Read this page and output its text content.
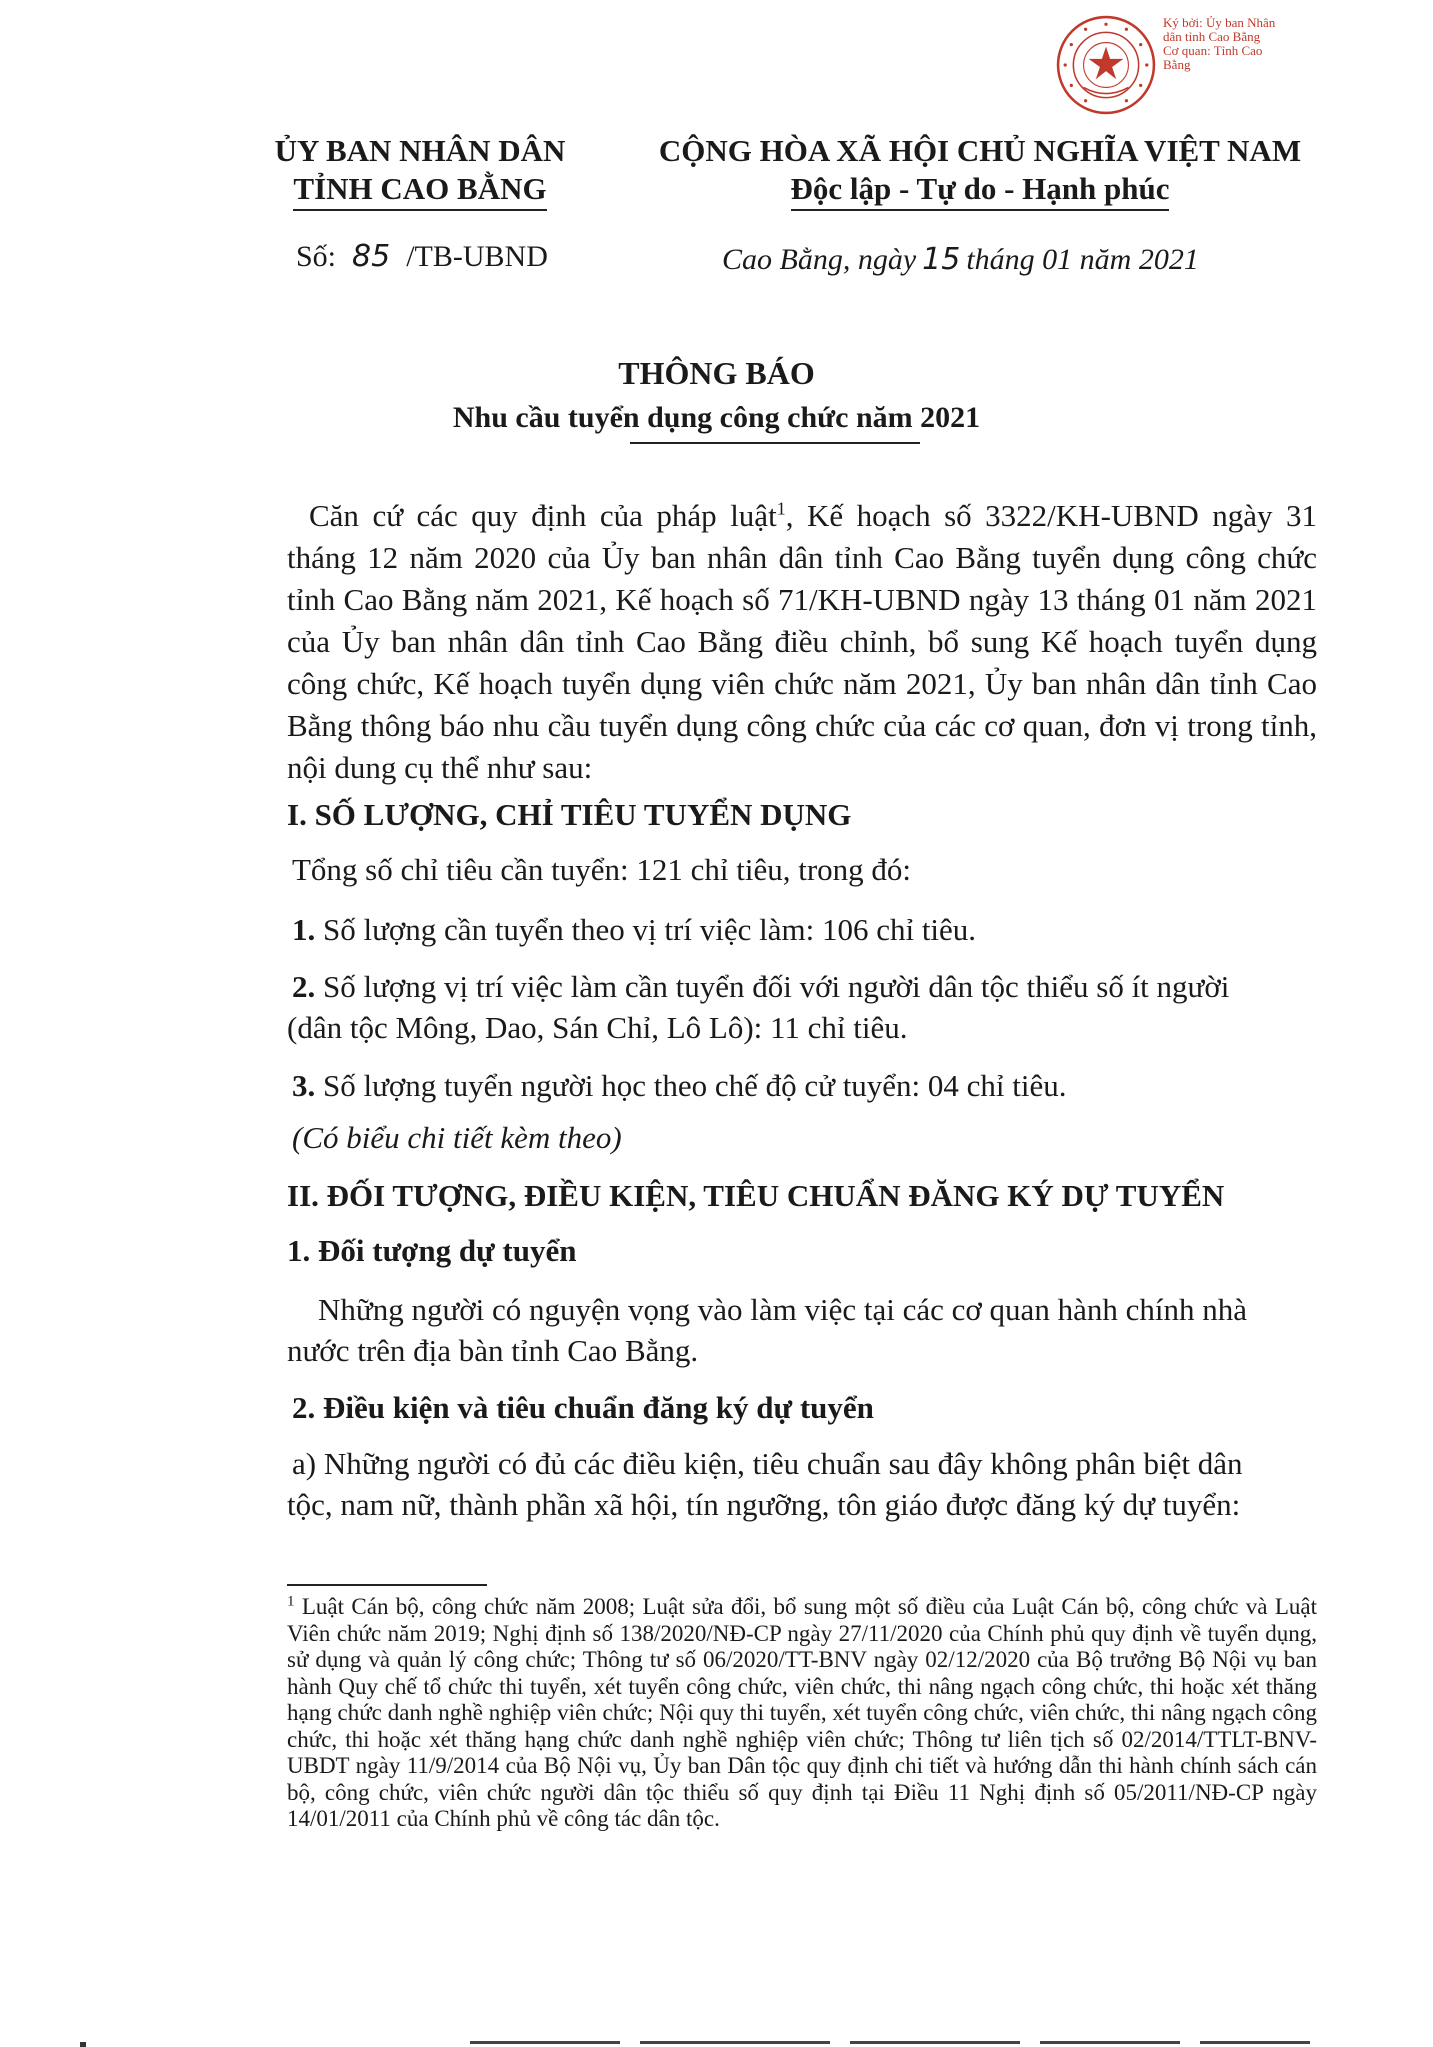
Ký bởi: Ủy ban Nhân
dân tỉnh Cao Bằng
Cơ quan: Tỉnh Cao
Bằng
ỦY BAN NHÂN DÂN
TỈNH CAO BẰNG
CỘNG HÒA XÃ HỘI CHỦ NGHĨA VIỆT NAM
Độc lập - Tự do - Hạnh phúc
Số: 85 /TB-UBND	Cao Bằng, ngày 15 tháng 01 năm 2021
THÔNG BÁO
Nhu cầu tuyển dụng công chức năm 2021
Căn cứ các quy định của pháp luật$^1$, Kế hoạch số 3322/KH-UBND ngày 31 tháng 12 năm 2020 của Ủy ban nhân dân tỉnh Cao Bằng tuyển dụng công chức tỉnh Cao Bằng năm 2021, Kế hoạch số 71/KH-UBND ngày 13 tháng 01 năm 2021 của Ủy ban nhân dân tỉnh Cao Bằng điều chỉnh, bổ sung Kế hoạch tuyển dụng công chức, Kế hoạch tuyển dụng viên chức năm 2021, Ủy ban nhân dân tỉnh Cao Bằng thông báo nhu cầu tuyển dụng công chức của các cơ quan, đơn vị trong tỉnh, nội dung cụ thể như sau:
I. SỐ LƯỢNG, CHỈ TIÊU TUYỂN DỤNG
Tổng số chỉ tiêu cần tuyển: 121 chỉ tiêu, trong đó:
1. Số lượng cần tuyển theo vị trí việc làm: 106 chỉ tiêu.
2. Số lượng vị trí việc làm cần tuyển đối với người dân tộc thiểu số ít người
(dân tộc Mông, Dao, Sán Chỉ, Lô Lô): 11 chỉ tiêu.
3. Số lượng tuyển người học theo chế độ cử tuyển: 04 chỉ tiêu.
(Có biểu chi tiết kèm theo)
II. ĐỐI TƯỢNG, ĐIỀU KIỆN, TIÊU CHUẨN ĐĂNG KÝ DỰ TUYỂN
1. Đối tượng dự tuyển
Những người có nguyện vọng vào làm việc tại các cơ quan hành chính nhà
nước trên địa bàn tỉnh Cao Bằng.
2. Điều kiện và tiêu chuẩn đăng ký dự tuyển
a) Những người có đủ các điều kiện, tiêu chuẩn sau đây không phân biệt dân
tộc, nam nữ, thành phần xã hội, tín ngưỡng, tôn giáo được đăng ký dự tuyển:
$^1$ Luật Cán bộ, công chức năm 2008; Luật sửa đổi, bổ sung một số điều của Luật Cán bộ, công chức và Luật Viên chức năm 2019; Nghị định số 138/2020/NĐ-CP ngày 27/11/2020 của Chính phủ quy định về tuyển dụng, sử dụng và quản lý công chức; Thông tư số 06/2020/TT-BNV ngày 02/12/2020 của Bộ trưởng Bộ Nội vụ ban hành Quy chế tổ chức thi tuyển, xét tuyển công chức, viên chức, thi nâng ngạch công chức, thi hoặc xét thăng hạng chức danh nghề nghiệp viên chức; Nội quy thi tuyển, xét tuyển công chức, viên chức, thi nâng ngạch công chức, thi hoặc xét thăng hạng chức danh nghề nghiệp viên chức; Thông tư liên tịch số 02/2014/TTLT-BNV-UBDT ngày 11/9/2014 của Bộ Nội vụ, Ủy ban Dân tộc quy định chi tiết và hướng dẫn thi hành chính sách cán bộ, công chức, viên chức người dân tộc thiểu số quy định tại Điều 11 Nghị định số 05/2011/NĐ-CP ngày 14/01/2011 của Chính phủ về công tác dân tộc.
